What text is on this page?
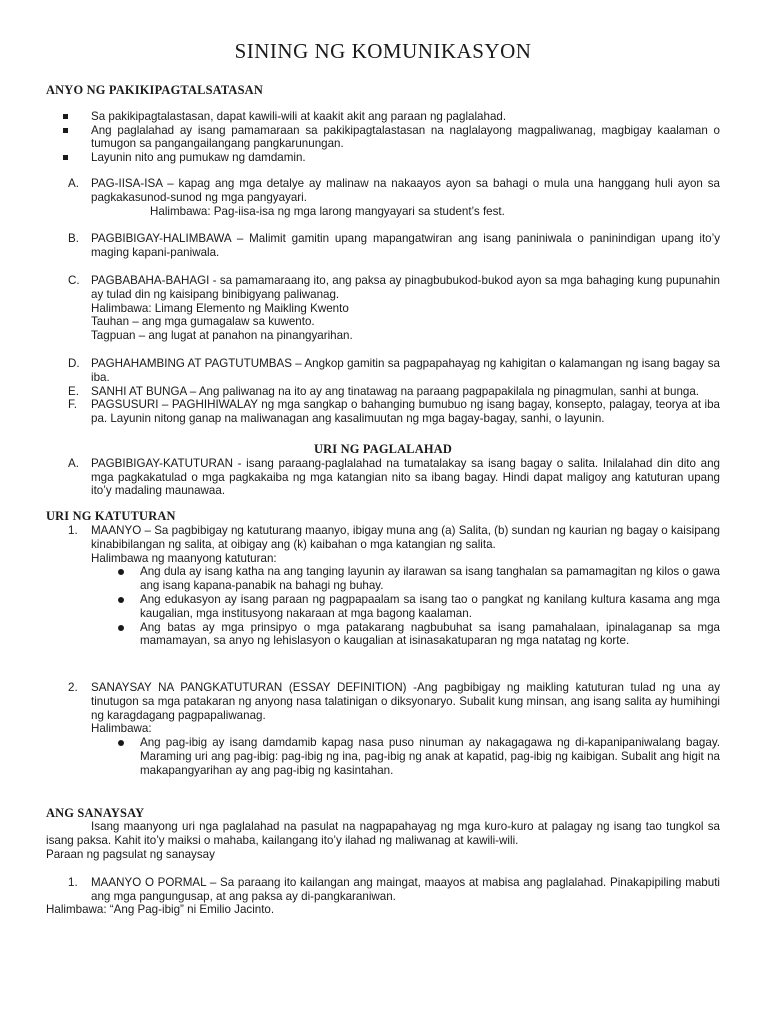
SINING NG KOMUNIKASYON
ANYO NG PAKIKIPAGTALSATASAN
Sa pakikipagtalastasan, dapat kawili-wili at kaakit akit ang paraan ng paglalahad.
Ang paglalahad ay isang pamamaraan sa pakikipagtalastasan na naglalayong magpaliwanag, magbigay kaalaman o tumugon sa pangangailangang pangkarunungan.
Layunin nito ang pumukaw ng damdamin.
A. PAG-IISA-ISA – kapag ang mga detalye ay malinaw na nakaayos ayon sa bahagi o mula una hanggang huli ayon sa pagkakasunod-sunod ng mga pangyayari.
Halimbawa: Pag-iisa-isa ng mga larong mangyayari sa student’s fest.
B. PAGBIBIGAY-HALIMBAWA – Malimit gamitin upang mapangatwiran ang isang paniniwala o paninindigan upang ito’y maging kapani-paniwala.
C. PAGBABAHA-BAHAGI - sa pamamaraang ito, ang paksa ay pinagbubukod-bukod ayon sa mga bahaging kung pupunahin ay tulad din ng kaisipang binibigyang paliwanag.
Halimbawa: Limang Elemento ng Maikling Kwento
Tauhan – ang mga gumagalaw sa kuwento.
Tagpuan – ang lugat at panahon na pinangyarihan.
D. PAGHAHAMBING AT PAGTUTUMBAS – Angkop gamitin sa pagpapahayag ng kahigitan o kalamangan ng isang bagay sa iba.
E. SANHI AT BUNGA – Ang paliwanag na ito ay ang tinatawag na paraang pagpapakilala ng pinagmulan, sanhi at bunga.
F. PAGSUSURI – PAGHIHIWALAY ng mga sangkap o bahanging bumubuo ng isang bagay, konsepto, palagay, teorya at iba pa. Layunin nitong ganap na maliwanagan ang kasalimuutan ng mga bagay-bagay, sanhi, o layunin.
URI NG PAGLALAHAD
A. PAGBIBIGAY-KATUTURAN - isang paraang-paglalahad na tumatalakay sa isang bagay o salita. Inilalahad din dito ang mga pagkakatulad o mga pagkakaiba ng mga katangian nito sa ibang bagay. Hindi dapat maligoy ang katuturan upang ito’y madaling maunawaa.
URI NG KATUTURAN
1. MAANYO – Sa pagbibigay ng katuturang maanyo, ibigay muna ang (a) Salita, (b) sundan ng kaurian ng bagay o kaisipang kinabibilangan ng salita, at oibigay ang (k) kaibahan o mga katangian ng salita.
Halimbawa ng maanyong katuturan:
Ang dula ay isang katha na ang tanging layunin ay ilarawan sa isang tanghalan sa pamamagitan ng kilos o gawa ang isang kapana-panabik na bahagi ng buhay.
Ang edukasyon ay isang paraan ng pagpapaalam sa isang tao o pangkat ng kanilang kultura kasama ang mga kaugalian, mga institusyong nakaraan at mga bagong kaalaman.
Ang batas ay mga prinsipyo o mga patakarang nagbubuhat sa isang pamahalaan, ipinalaganap sa mga mamamayan, sa anyo ng lehislasyon o kaugalian at isinasakatuparan ng mga natatag ng korte.
2. SANAYSAY NA PANGKATUTURAN (ESSAY DEFINITION) -Ang pagbibigay ng maikling katuturan tulad ng una ay tinutugon sa mga patakaran ng anyong nasa talatinigan o diksyonaryo. Subalit kung minsan, ang isang salita ay humihingi ng karagdagang pagpapaliwanag.
Halimbawa:
Ang pag-ibig ay isang damdamib kapag nasa puso ninuman ay nakagagawa ng di-kapanipaniwalang bagay. Maraming uri ang pag-ibig: pag-ibig ng ina, pag-ibig ng anak at kapatid, pag-ibig ng kaibigan. Subalit ang higit na makapangyarihan ay ang pag-ibig ng kasintahan.
ANG SANAYSAY
Isang maanyong uri nga paglalahad na pasulat na nagpapahayag ng mga kuro-kuro at palagay ng isang tao tungkol sa isang paksa. Kahit ito’y maiksi o mahaba, kailangang ito’y ilahad ng maliwanag at kawili-wili.
Paraan ng pagsulat ng sanaysay
1. MAANYO O PORMAL – Sa paraang ito kailangan ang maingat, maayos at mabisa ang paglalahad. Pinakapipiling mabuti ang mga pangungusap, at ang paksa ay di-pangkaraniwan.
Halimbawa: “Ang Pag-ibig” ni Emilio Jacinto.
